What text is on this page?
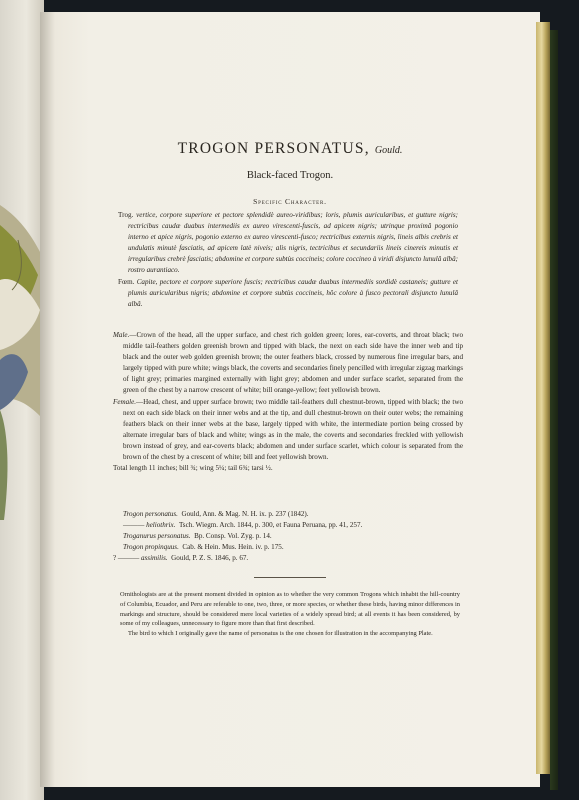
TROGON PERSONATUS, Gould.
Black-faced Trogon.
Specific Character.

Trog. vertice, corpore superiore et pectore splendidè aureo-viridibus; loris, plumis auricularibus, et gutture nigris; rectricibus caudæ duabus intermediis ex aureo virescenti-fuscis, ad apicem nigris; utrinque proximâ pogonio interno et apice nigris, pogonio externo ex aureo virescenti-fusco; rectricibus externis nigris, lineis albis crebris et undulatis minutè fasciatis, ad apicem latè niveis; alis nigris, tectricibus et secundariis lineis cinereis minutis et irregularibus crebrè fasciatis; abdomine et corpore subtùs coccineis; colore coccineo à viridi disjuncto lunulâ albâ; rostro aurantiaco.

Fœm. Capite, pectore et corpore superiore fuscis; rectricibus caudæ duabus intermediis sordidè castaneis; gutture et plumis auricularibus nigris; abdomine et corpore subtùs coccineis, hôc colore à fusco pectorali disjuncto lunulâ albâ.

Male.—Crown of the head, all the upper surface, and chest rich golden green; lores, ear-coverts, and throat black; two middle tail-feathers golden greenish brown and tipped with black, the next on each side have the inner web and tip black and the outer web golden greenish brown; the outer feathers black, crossed by numerous fine irregular bars, and largely tipped with pure white; wings black, the coverts and secondaries finely pencilled with irregular zigzag markings of light grey; primaries margined externally with light grey; abdomen and under surface scarlet, separated from the green of the chest by a narrow crescent of white; bill orange-yellow; feet yellowish brown.

Female.—Head, chest, and upper surface brown; two middle tail-feathers dull chestnut-brown, tipped with black; the two next on each side black on their inner webs and at the tip, and dull chestnut-brown on their outer webs; the remaining feathers black on their inner webs at the base, largely tipped with white, the intermediate portion being crossed by alternate irregular bars of black and white; wings as in the male, the coverts and secondaries freckled with yellowish brown instead of grey, and ear-coverts black; abdomen and under surface scarlet, which colour is separated from the brown of the chest by a crescent of white; bill and feet yellowish brown.

Total length 11 inches; bill ¾; wing 5¼; tail 6¾; tarsi ½.

Trogon personatus. Gould, Ann. & Mag. N. H. ix. p. 237 (1842).
——— heliothrix. Tsch. Wiegm. Arch. 1844, p. 300, et Fauna Peruana, pp. 41, 257.
Troganurus personatus. Bp. Consp. Vol. Zyg. p. 14.
Trogon propinquus. Cab. & Hein. Mus. Hein. iv. p. 175.
? ——— assimilis. Gould, P. Z. S. 1846, p. 67.

Ornithologists are at the present moment divided in opinion as to whether the very common Trogons which inhabit the hill-country of Columbia, Ecuador, and Peru are referable to one, two, three, or more species, or whether these birds, having minor differences in markings and structure, should be considered mere local varieties of a widely spread bird; at all events it has been considered, by some of my colleagues, unnecessary to figure more than that first described.

The bird to which I originally gave the name of personatus is the one chosen for illustration in the accompanying Plate.
